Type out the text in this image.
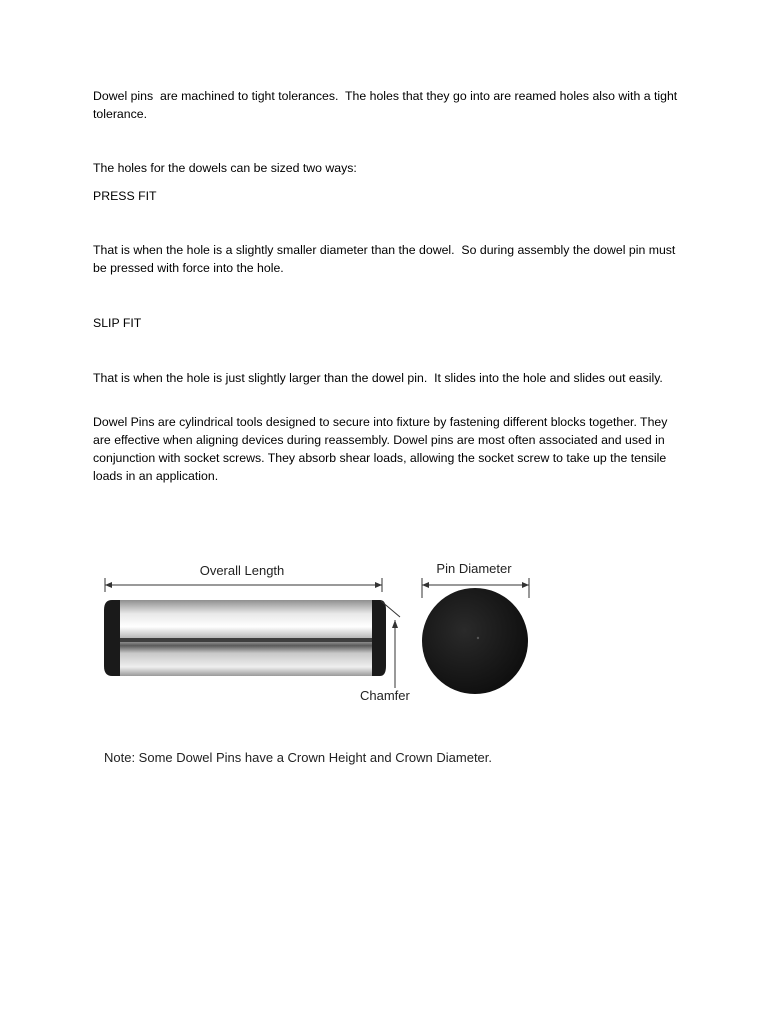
Dowel pins  are machined to tight tolerances.  The holes that they go into are reamed holes also with a tight tolerance.

The holes for the dowels can be sized two ways:

PRESS FIT

That is when the hole is a slightly smaller diameter than the dowel.  So during assembly the dowel pin must be pressed with force into the hole.

SLIP FIT

That is when the hole is just slightly larger than the dowel pin.  It slides into the hole and slides out easily.

Dowel Pins are cylindrical tools designed to secure into fixture by fastening different blocks together. They are effective when aligning devices during reassembly. Dowel pins are most often associated and used in conjunction with socket screws. They absorb shear loads, allowing the socket screw to take up the tensile loads in an application.

Overall Length
Chamfer
Pin Diameter

Note: Some Dowel Pins have a Crown Height and Crown Diameter.
